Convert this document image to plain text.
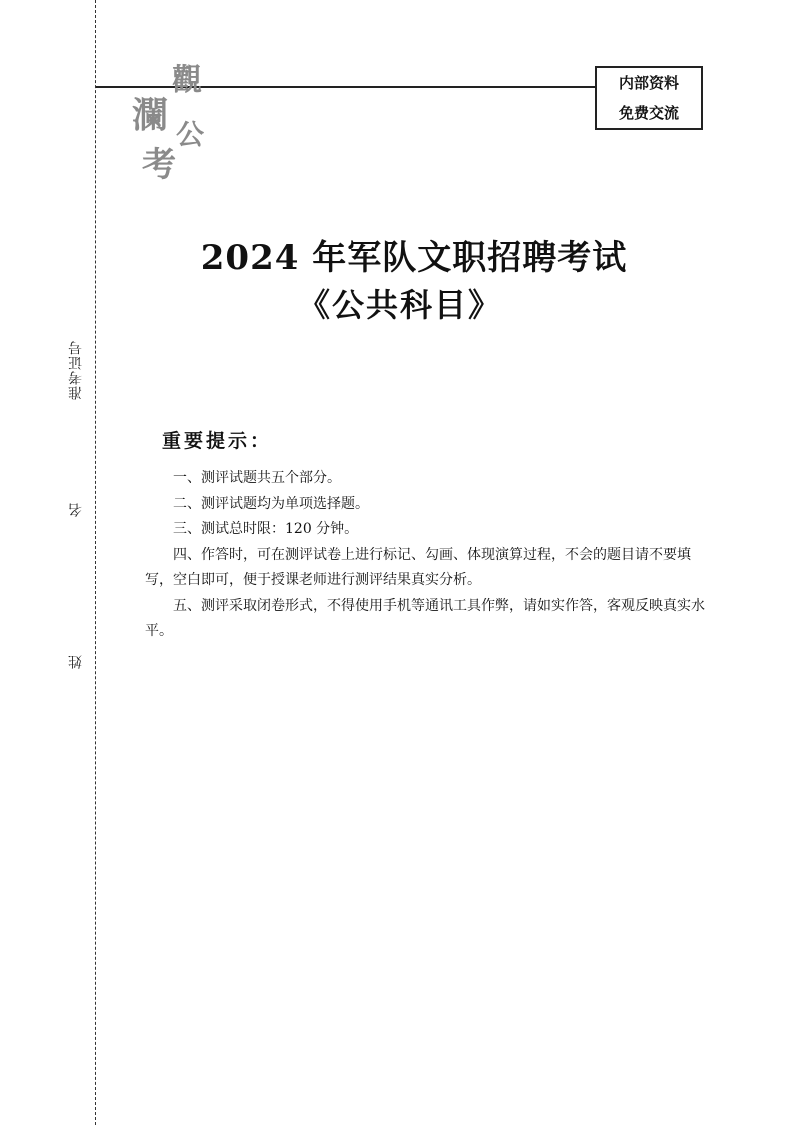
准考证号
名
姓
觀
瀾 公
考
内部资料
免费交流
2024 年军队文职招聘考试
《公共科目》
重要提示：

一、测评试题共五个部分。

二、测评试题均为单项选择题。

三、测试总时限：120 分钟。

四、作答时，可在测评试卷上进行标记、勾画、体现演算过程，不会的题目请不要填写，空白即可，便于授课老师进行测评结果真实分析。

五、测评采取闭卷形式，不得使用手机等通讯工具作弊，请如实作答，客观反映真实水平。
